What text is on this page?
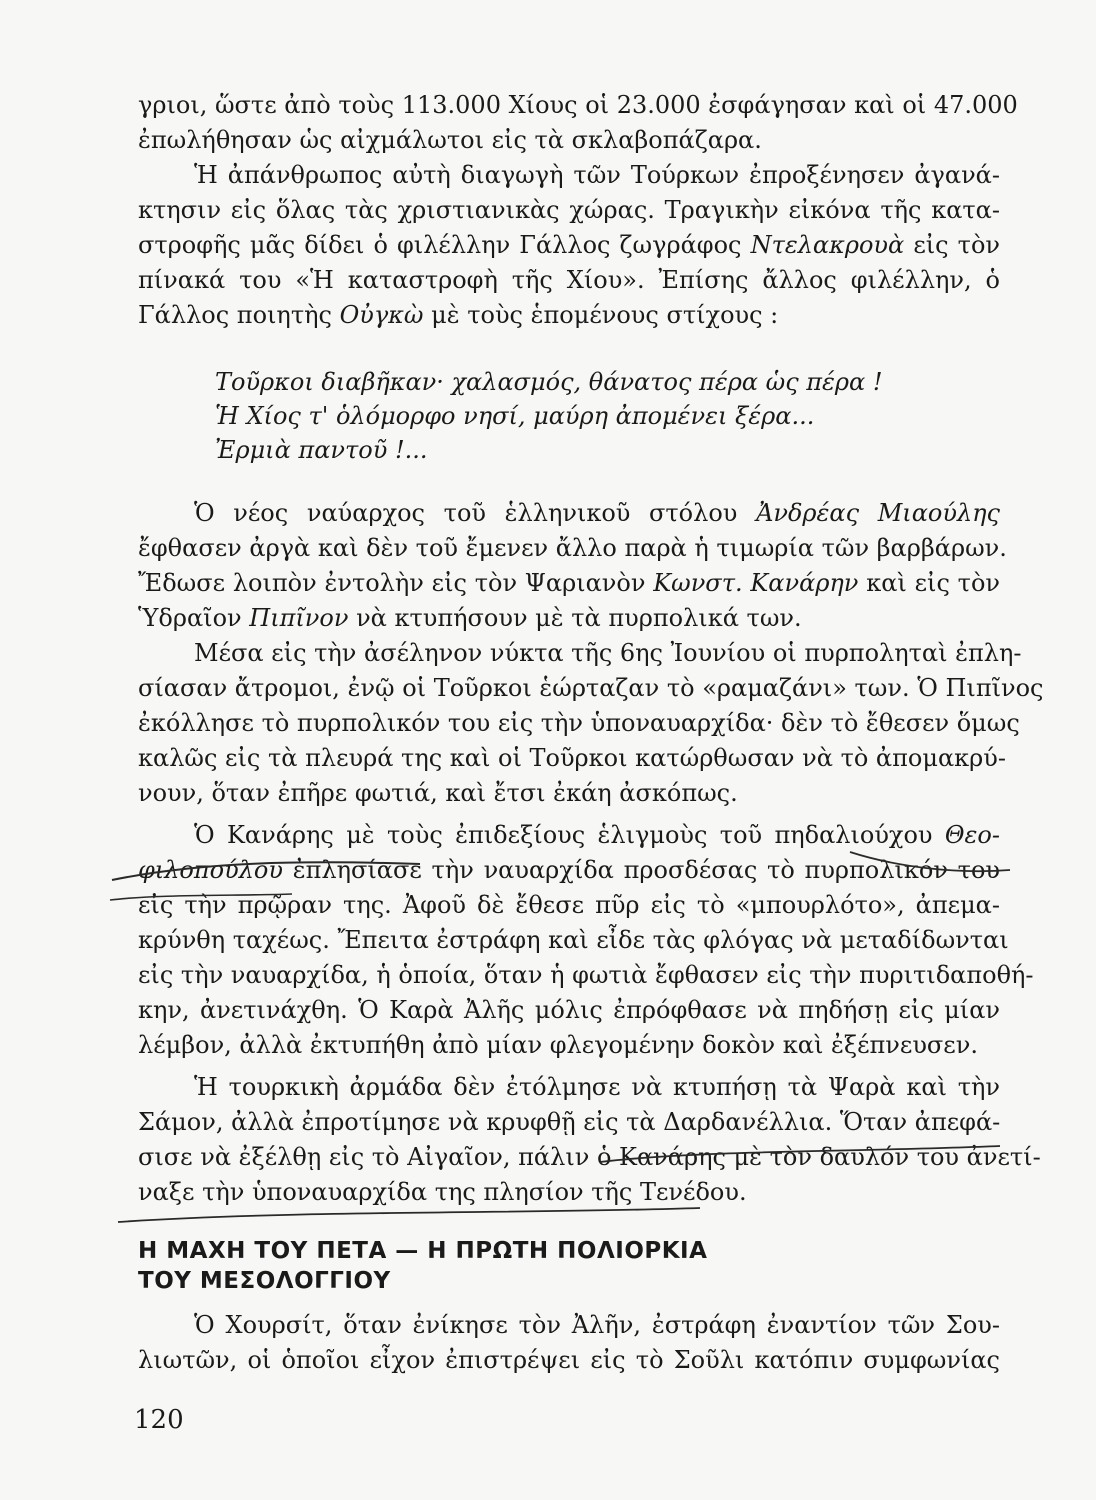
γριοι, ὥστε ἀπὸ τοὺς 113.000 Χίους οἱ 23.000 ἐσφάγησαν καὶ οἱ 47.000
ἐπωλήθησαν ὡς αἰχμάλωτοι εἰς τὰ σκλαβοπάζαρα.
Ἡ ἀπάνθρωπος αὐτὴ διαγωγὴ τῶν Τούρκων ἐπροξένησεν ἀγανά-
κτησιν εἰς ὅλας τὰς χριστιανικὰς χώρας. Τραγικὴν εἰκόνα τῆς κατα-
στροφῆς μᾶς δίδει ὁ φιλέλλην Γάλλος ζωγράφος Ντελακρουὰ εἰς τὸν
πίνακά του «Ἡ καταστροφὴ τῆς Χίου». Ἐπίσης ἄλλος φιλέλλην, ὁ
Γάλλος ποιητὴς Οὐγκὼ μὲ τοὺς ἑπομένους στίχους :
Τοῦρκοι διαβῆκαν· χαλασμός, θάνατος πέρα ὡς πέρα !
Ἡ Χίος τ' ὁλόμορφο νησί, μαύρη ἀπομένει ξέρα...
Ἐρμιὰ παντοῦ !...
Ὁ νέος ναύαρχος τοῦ ἑλληνικοῦ στόλου Ἀνδρέας Μιαούλης
ἔφθασεν ἀργὰ καὶ δὲν τοῦ ἔμενεν ἄλλο παρὰ ἡ τιμωρία τῶν βαρβάρων.
Ἔδωσε λοιπὸν ἐντολὴν εἰς τὸν Ψαριανὸν Κωνστ. Κανάρην καὶ εἰς τὸν
Ὑδραῖον Πιπῖνον νὰ κτυπήσουν μὲ τὰ πυρπολικά των.
Μέσα εἰς τὴν ἀσέληνον νύκτα τῆς 6ης Ἰουνίου οἱ πυρποληταὶ ἐπλη-
σίασαν ἄτρομοι, ἐνῷ οἱ Τοῦρκοι ἑώρταζαν τὸ «ραμαζάνι» των. Ὁ Πιπῖνος
ἐκόλλησε τὸ πυρπολικόν του εἰς τὴν ὑποναυαρχίδα· δὲν τὸ ἔθεσεν ὅμως
καλῶς εἰς τὰ πλευρά της καὶ οἱ Τοῦρκοι κατώρθωσαν νὰ τὸ ἀπομακρύ-
νουν, ὅταν ἐπῆρε φωτιά, καὶ ἔτσι ἐκάη ἀσκόπως.
Ὁ Κανάρης μὲ τοὺς ἐπιδεξίους ἑλιγμοὺς τοῦ πηδαλιούχου Θεο-
φιλοπούλου ἐπλησίασε τὴν ναυαρχίδα προσδέσας τὸ πυρπολικόν του
εἰς τὴν πρῷραν της. Ἀφοῦ δὲ ἔθεσε πῦρ εἰς τὸ «μπουρλότο», ἀπεμα-
κρύνθη ταχέως. Ἔπειτα ἐστράφη καὶ εἶδε τὰς φλόγας νὰ μεταδίδωνται
εἰς τὴν ναυαρχίδα, ἡ ὁποία, ὅταν ἡ φωτιὰ ἔφθασεν εἰς τὴν πυριτιδαποθή-
κην, ἀνετινάχθη. Ὁ Καρὰ Ἀλῆς μόλις ἐπρόφθασε νὰ πηδήσῃ εἰς μίαν
λέμβον, ἀλλὰ ἐκτυπήθη ἀπὸ μίαν φλεγομένην δοκὸν καὶ ἐξέπνευσεν.
Ἡ τουρκικὴ ἀρμάδα δὲν ἐτόλμησε νὰ κτυπήσῃ τὰ Ψαρὰ καὶ τὴν
Σάμον, ἀλλὰ ἐπροτίμησε νὰ κρυφθῇ εἰς τὰ Δαρδανέλλια. Ὅταν ἀπεφά-
σισε νὰ ἐξέλθῃ εἰς τὸ Αἰγαῖον, πάλιν ὁ Κανάρης μὲ τὸν δαυλόν του ἀνετί-
ναξε τὴν ὑποναυαρχίδα της πλησίον τῆς Τενέδου.
Η ΜΑΧΗ ΤΟΥ ΠΕΤΑ — Η ΠΡΩΤΗ ΠΟΛΙΟΡΚΙΑ
ΤΟΥ ΜΕΣΟΛΟΓΓΙΟΥ
Ὁ Χουρσίτ, ὅταν ἐνίκησε τὸν Ἀλῆν, ἐστράφη ἐναντίον τῶν Σου-
λιωτῶν, οἱ ὁποῖοι εἶχον ἐπιστρέψει εἰς τὸ Σοῦλι κατόπιν συμφωνίας
120
